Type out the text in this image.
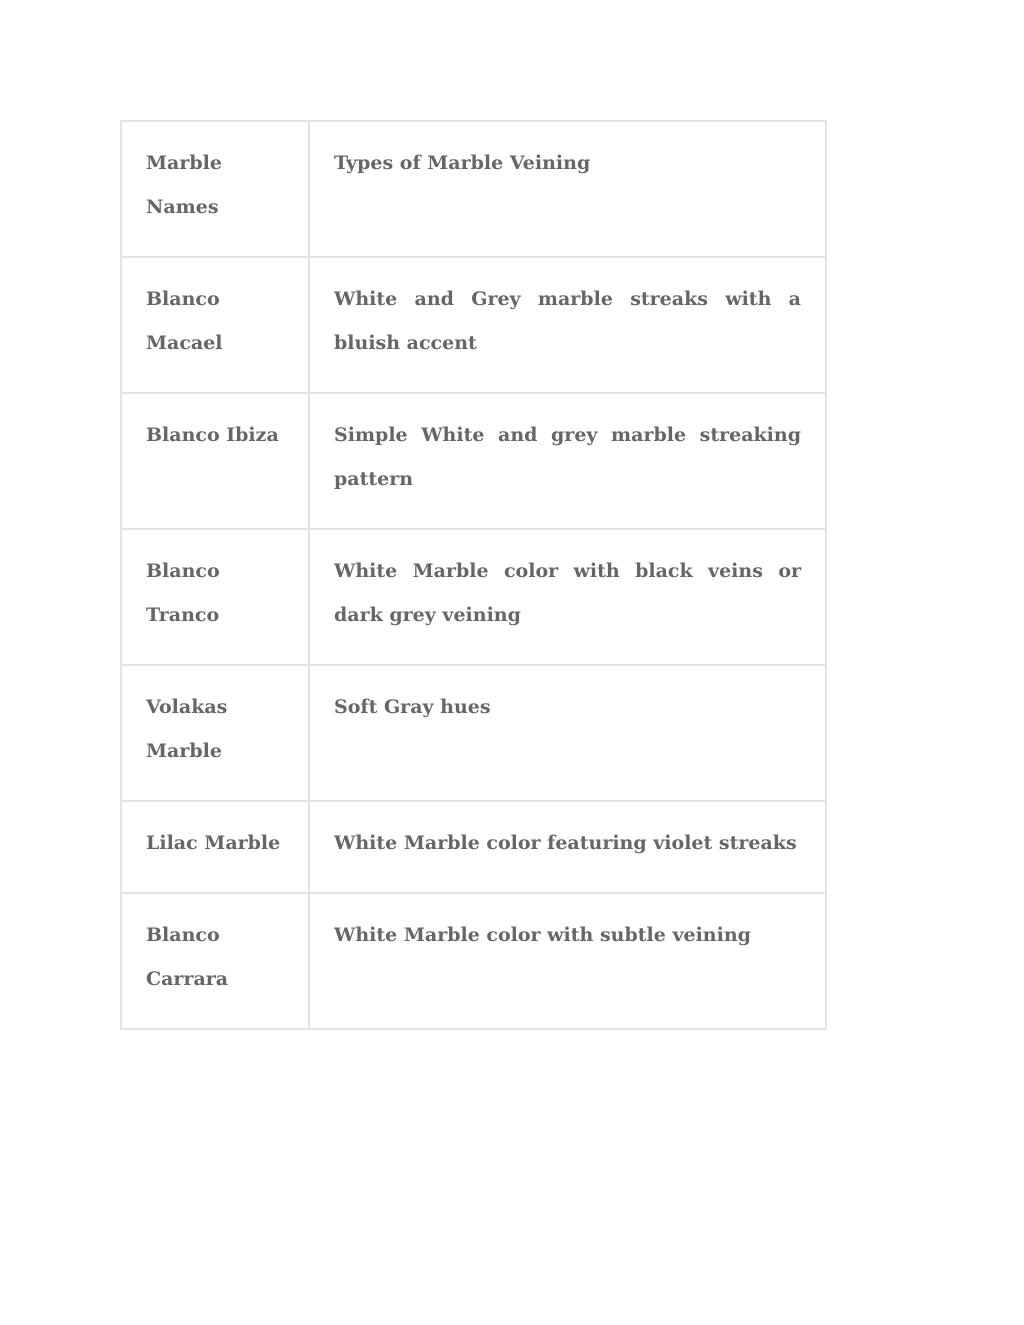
Marble Names	Types of Marble Veining
Blanco Macael	White and Grey marble streaks with a bluish accent
Blanco Ibiza	Simple White and grey marble streaking pattern
Blanco Tranco	White Marble color with black veins or dark grey veining
Volakas Marble	Soft Gray hues
Lilac Marble	White Marble color featuring violet streaks
Blanco Carrara	White Marble color with subtle veining
